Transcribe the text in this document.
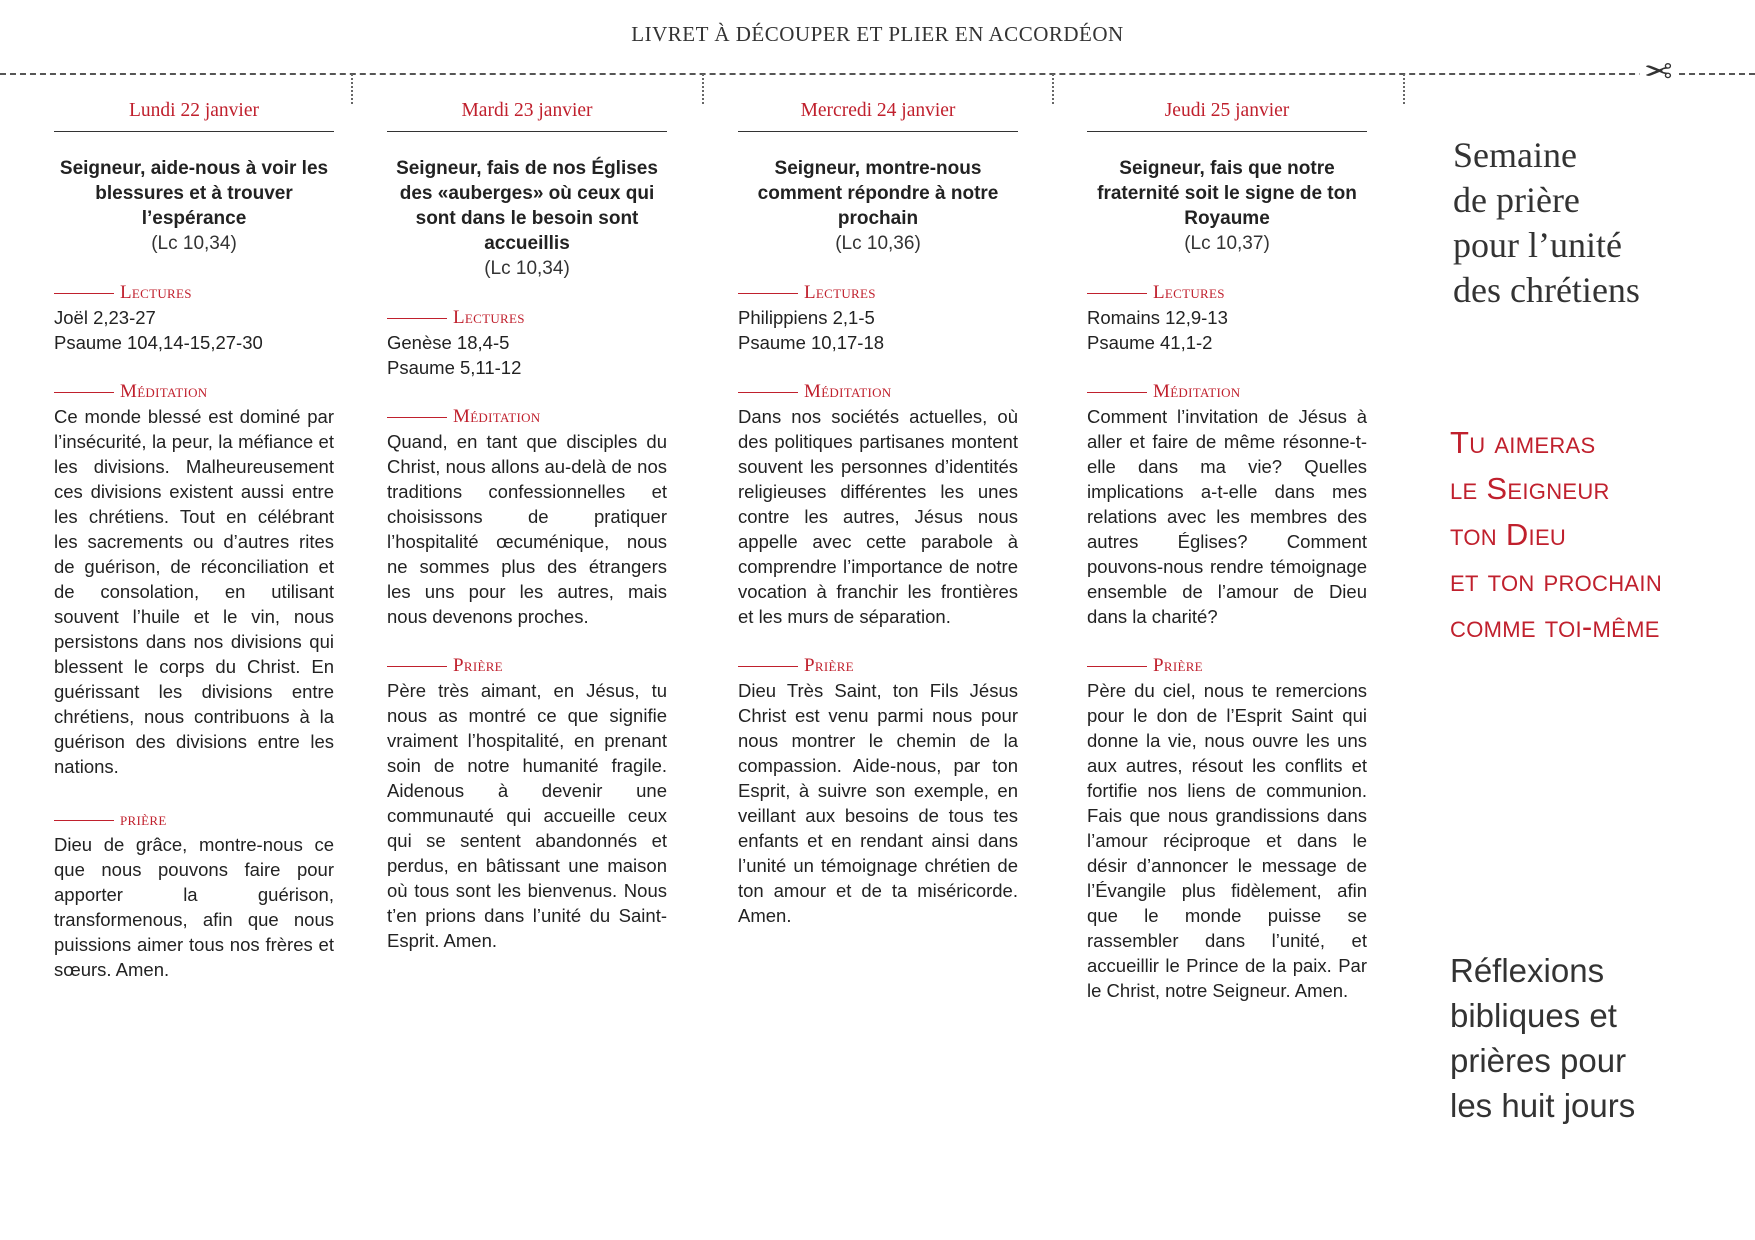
LIVRET À DÉCOUPER ET PLIER EN ACCORDÉON
✂
Lundi 22 janvier
Seigneur, aide-nous à voir les blessures et à trouver l’espérance
(Lc 10,34)
Lectures
Joël 2,23-27
Psaume 104,14-15,27-30
Méditation
Ce monde blessé est dominé par l’insécurité, la peur, la méfiance et les divisions. Malheureusement ces divisions existent aussi entre les chrétiens. Tout en célébrant les sacrements ou d’autres rites de guérison, de réconciliation et de consolation, en utilisant souvent l’huile et le vin, nous persistons dans nos divisions qui blessent le corps du Christ. En guérissant les divisions entre chrétiens, nous contribuons à la guérison des divisions entre les nations.
prière
Dieu de grâce, montre-nous ce que nous pouvons faire pour apporter la guérison, transformenous, afin que nous puissions aimer tous nos frères et sœurs. Amen.
Mardi 23 janvier
Seigneur, fais de nos Églises des «auberges» où ceux qui sont dans le besoin sont accueillis
(Lc 10,34)
Lectures
Genèse 18,4-5
Psaume 5,11-12
Méditation
Quand, en tant que disciples du Christ, nous allons au-delà de nos traditions confessionnelles et choisissons de pratiquer l’hospitalité œcuménique, nous ne sommes plus des étrangers les uns pour les autres, mais nous devenons proches.
Prière
Père très aimant, en Jésus, tu nous as montré ce que signifie vraiment l’hospitalité, en prenant soin de notre humanité fragile. Aidenous à devenir une communauté qui accueille ceux qui se sentent abandonnés et perdus, en bâtissant une maison où tous sont les bienvenus. Nous t’en prions dans l’unité du Saint-Esprit. Amen.
Mercredi 24 janvier
Seigneur, montre-nous comment répondre à notre prochain
(Lc 10,36)
Lectures
Philippiens 2,1-5
Psaume 10,17-18
Méditation
Dans nos sociétés actuelles, où des politiques partisanes montent souvent les personnes d’identités religieuses différentes les unes contre les autres, Jésus nous appelle avec cette parabole à comprendre l’importance de notre vocation à franchir les frontières et les murs de séparation.
Prière
Dieu Très Saint, ton Fils Jésus Christ est venu parmi nous pour nous montrer le chemin de la compassion. Aide-nous, par ton Esprit, à suivre son exemple, en veillant aux besoins de tous tes enfants et en rendant ainsi dans l’unité un témoignage chrétien de ton amour et de ta miséricorde. Amen.
Jeudi 25 janvier
Seigneur, fais que notre fraternité soit le signe de ton Royaume
(Lc 10,37)
Lectures
Romains 12,9-13
Psaume 41,1-2
Méditation
Comment l’invitation de Jésus à aller et faire de même résonne-t-elle dans ma vie? Quelles implications a-t-elle dans mes relations avec les membres des autres Églises? Comment pouvons-nous rendre témoignage ensemble de l’amour de Dieu dans la charité?
Prière
Père du ciel, nous te remercions pour le don de l’Esprit Saint qui donne la vie, nous ouvre les uns aux autres, résout les conflits et fortifie nos liens de communion. Fais que nous grandissions dans l’amour réciproque et dans le désir d’annoncer le message de l’Évangile plus fidèlement, afin que le monde puisse se rassembler dans l’unité, et accueillir le Prince de la paix. Par le Christ, notre Seigneur. Amen.
Semaine
de prière
pour l’unité
des chrétiens
Tu aimeras
le Seigneur
ton Dieu
et ton prochain
comme toi-même
Réflexions
bibliques et
prières pour
les huit jours
